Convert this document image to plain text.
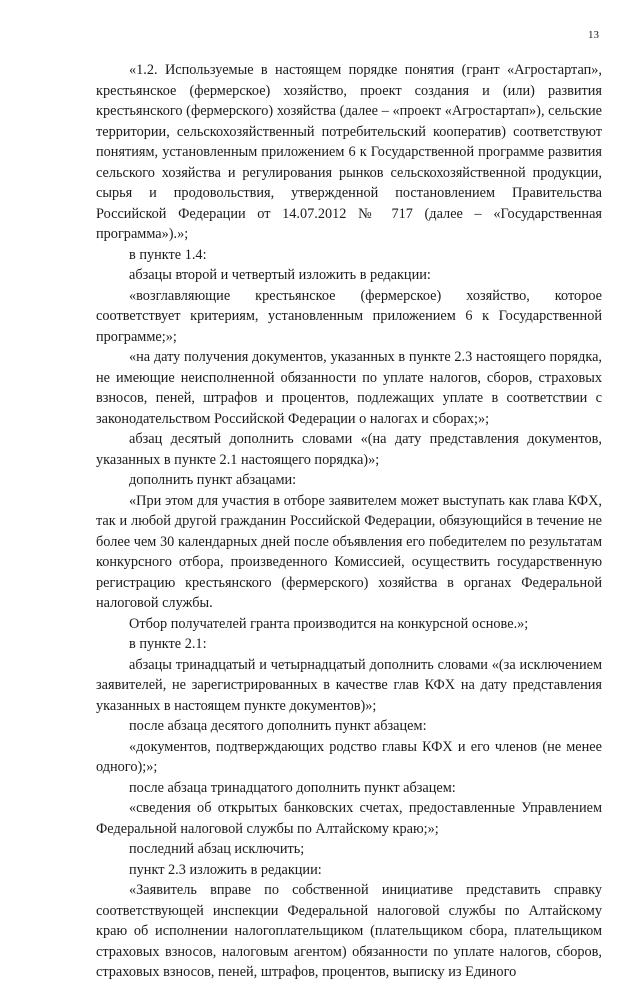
13

«1.2. Используемые в настоящем порядке понятия (грант «Агростартап», крестьянское (фермерское) хозяйство, проект создания и (или) развития крестьянского (фермерского) хозяйства (далее – «проект «Агростартап»), сельские территории, сельскохозяйственный потребительский кооператив) соответствуют понятиям, установленным приложением 6 к Государственной программе развития сельского хозяйства и регулирования рынков сельскохозяйственной продукции, сырья и продовольствия, утвержденной постановлением Правительства Российской Федерации от 14.07.2012 № 717 (далее – «Государственная программа»).»;

в пункте 1.4:

абзацы второй и четвертый изложить в редакции:

«возглавляющие крестьянское (фермерское) хозяйство, которое соответствует критериям, установленным приложением 6 к Государственной программе;»;

«на дату получения документов, указанных в пункте 2.3 настоящего порядка, не имеющие неисполненной обязанности по уплате налогов, сборов, страховых взносов, пеней, штрафов и процентов, подлежащих уплате в соответствии с законодательством Российской Федерации о налогах и сборах;»;

абзац десятый дополнить словами «(на дату представления документов, указанных в пункте 2.1 настоящего порядка)»;

дополнить пункт абзацами:

«При этом для участия в отборе заявителем может выступать как глава КФХ, так и любой другой гражданин Российской Федерации, обязующийся в течение не более чем 30 календарных дней после объявления его победителем по результатам конкурсного отбора, произведенного Комиссией, осуществить государственную регистрацию крестьянского (фермерского) хозяйства в органах Федеральной налоговой службы.

Отбор получателей гранта производится на конкурсной основе.»;

в пункте 2.1:

абзацы тринадцатый и четырнадцатый дополнить словами «(за исключением заявителей, не зарегистрированных в качестве глав КФХ на дату представления указанных в настоящем пункте документов)»;

после абзаца десятого дополнить пункт абзацем:

«документов, подтверждающих родство главы КФХ и его членов (не менее одного);»;

после абзаца тринадцатого дополнить пункт абзацем:

«сведения об открытых банковских счетах, предоставленные Управлением Федеральной налоговой службы по Алтайскому краю;»;

последний абзац исключить;

пункт 2.3 изложить в редакции:

«Заявитель вправе по собственной инициативе представить справку соответствующей инспекции Федеральной налоговой службы по Алтайскому краю об исполнении налогоплательщиком (плательщиком сбора, плательщиком страховых взносов, налоговым агентом) обязанности по уплате налогов, сборов, страховых взносов, пеней, штрафов, процентов, выписку из Единого
